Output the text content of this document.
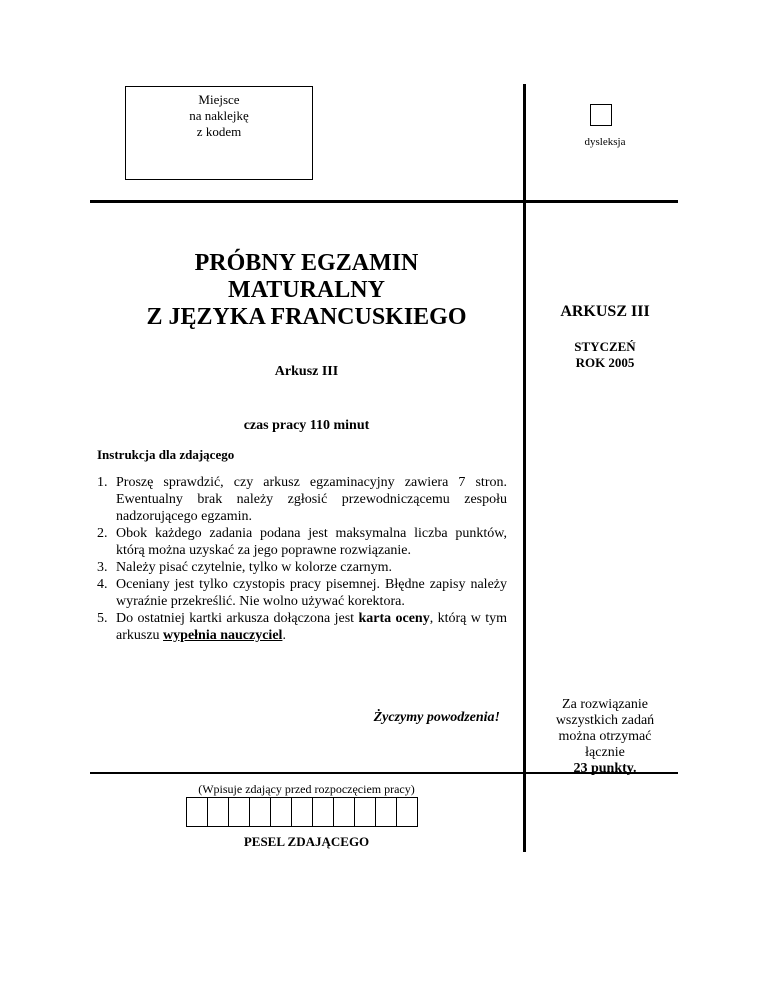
Miejsce
na naklejkę
z kodem
dysleksja
PRÓBNY EGZAMIN
MATURALNY
Z JĘZYKA FRANCUSKIEGO
Arkusz III
ARKUSZ III
STYCZEŃ
ROK 2005
czas pracy 110 minut
Instrukcja dla zdającego
1. Proszę sprawdzić, czy arkusz egzaminacyjny zawiera 7 stron. Ewentualny brak należy zgłosić przewodniczącemu zespołu nadzorującego egzamin.
2. Obok każdego zadania podana jest maksymalna liczba punktów, którą można uzyskać za jego poprawne rozwiązanie.
3. Należy pisać czytelnie, tylko w kolorze czarnym.
4. Oceniany jest tylko czystopis pracy pisemnej. Błędne zapisy należy wyraźnie przekreślić. Nie wolno używać korektora.
5. Do ostatniej kartki arkusza dołączona jest karta oceny, którą w tym arkuszu wypełnia nauczyciel.
Życzymy powodzenia!
Za rozwiązanie
wszystkich zadań
można otrzymać
łącznie
23 punkty.
(Wpisuje zdający przed rozpoczęciem pracy)
PESEL ZDAJĄCEGO
